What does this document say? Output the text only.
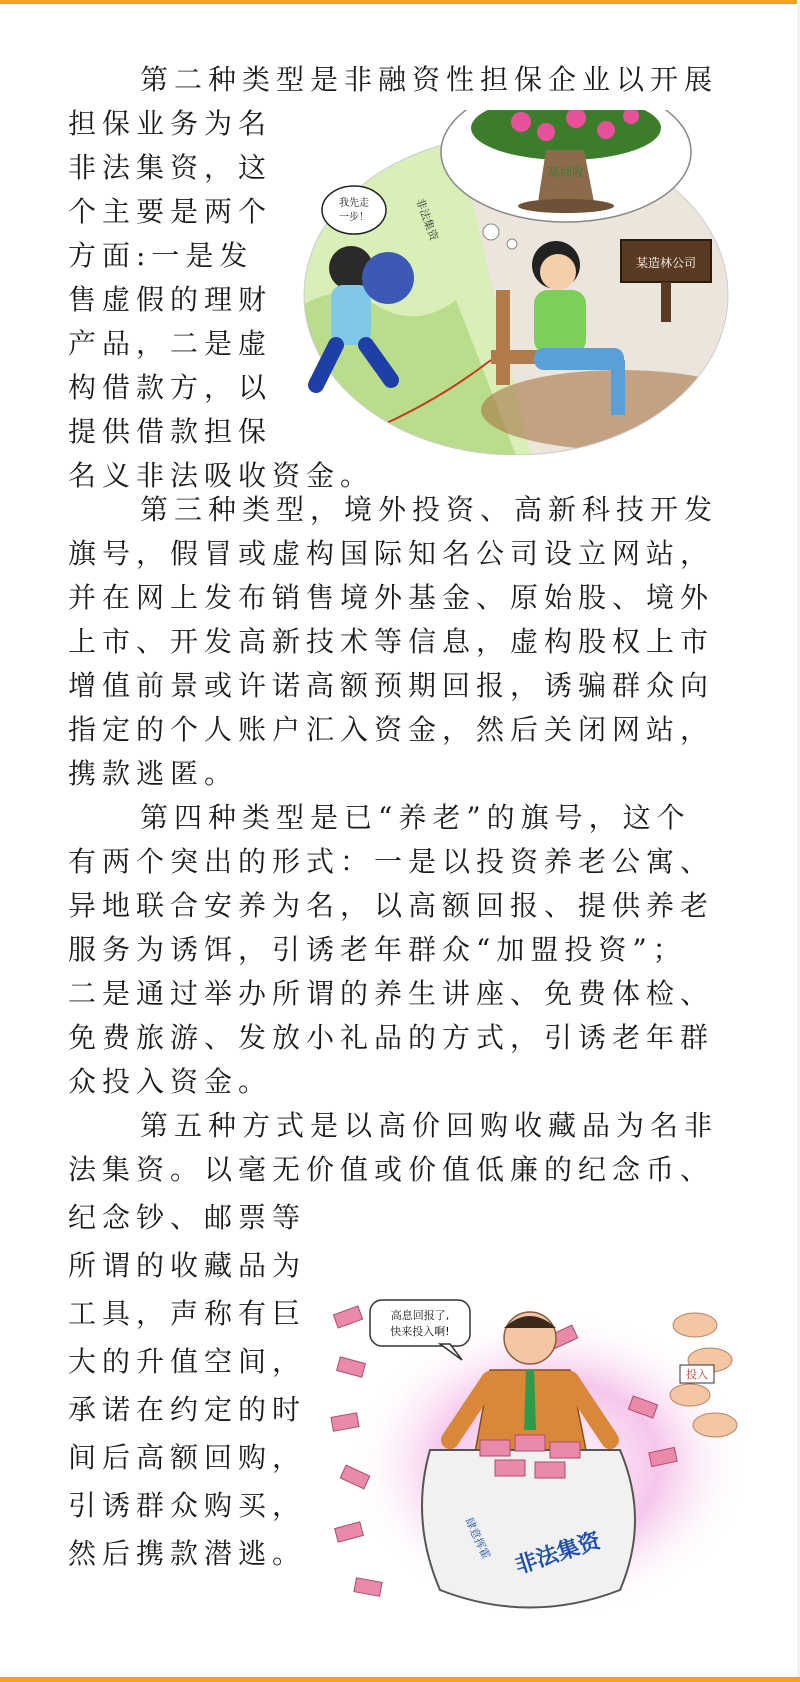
第二种类型是非融资性担保企业以开展
担保业务为名
非法集资，这
个主要是两个
方面:一是发
售虚假的理财
产品，二是虚
构借款方，以
提供借款担保
名义非法吸收资金。
高回收
我先走
一步！	非法集资
某造林公司
第三种类型，境外投资、高新科技开发
旗号，假冒或虚构国际知名公司设立网站，
并在网上发布销售境外基金、原始股、境外
上市、开发高新技术等信息，虚构股权上市
增值前景或许诺高额预期回报，诱骗群众向
指定的个人账户汇入资金，然后关闭网站，
携款逃匿。
第四种类型是已“养老”的旗号，这个
有两个突出的形式：一是以投资养老公寓、
异地联合安养为名，以高额回报、提供养老
服务为诱饵，引诱老年群众“加盟投资”；
二是通过举办所谓的养生讲座、免费体检、
免费旅游、发放小礼品的方式，引诱老年群
众投入资金。
第五种方式是以高价回购收藏品为名非
法集资。以毫无价值或价值低廉的纪念币、
纪念钞、邮票等
所谓的收藏品为
工具，声称有巨
大的升值空间，
承诺在约定的时
间后高额回购，
引诱群众购买，
然后携款潜逃。
投入
高息回报了,
快来投入啊!
非法集资
肆意挥霍
